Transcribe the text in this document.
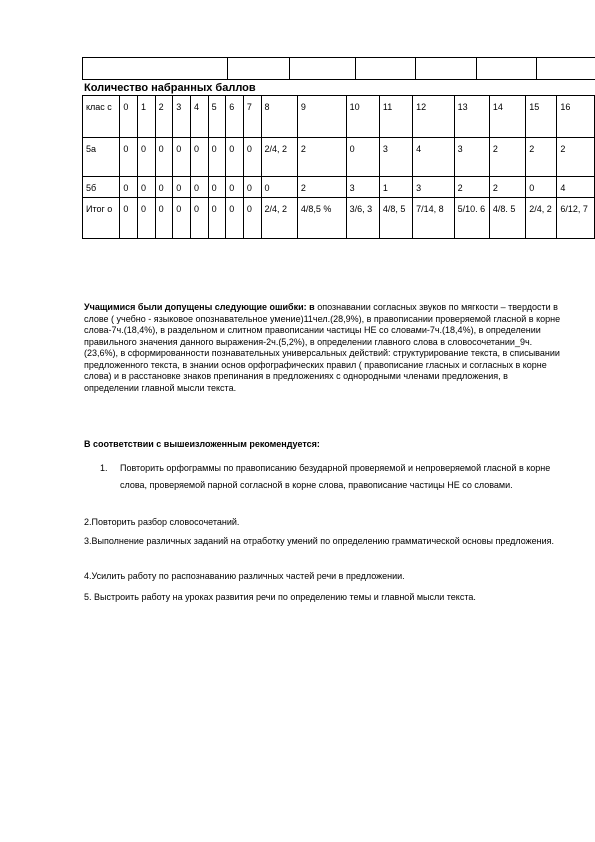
Количество набранных баллов
клас с	0	1	2	3	4	5	6	7	8	9	10	11	12	13	14	15	16
5а	0	0	0	0	0	0	0	0	2/4, 2	2	0	3	4	3	2	2	2
5б	0	0	0	0	0	0	0	0	0	2	3	1	3	2	2	0	4
Итог о	0	0	0	0	0	0	0	0	2/4, 2	4/8,5 %	3/6, 3	4/8, 5	7/14, 8	5/10. 6	4/8. 5	2/4, 2	6/12, 7
Учащимися были допущены следующие ошибки: в опознавании согласных звуков по мягкости – твердости в слове ( учебно - языковое опознавательное умение)11чел.(28,9%), в правописании проверяемой гласной в корне слова-7ч.(18,4%), в раздельном и слитном правописании частицы НЕ со словами-7ч.(18,4%), в определении правильного значения данного выражения-2ч.(5,2%), в определении главного слова в словосочетании_9ч.(23,6%), в сформированности познавательных универсальных действий: структурирование текста, в списывании предложенного текста, в знании основ орфографических правил ( правописание гласных и согласных в корне слова) и в расстановке знаков препинания в предложениях с однородными членами предложения, в определении главной мысли текста.
В соответствии с вышеизложенным рекомендуется:
1. Повторить орфограммы по правописанию безударной проверяемой и непроверяемой гласной в корне слова, проверяемой парной согласной в корне слова, правописание частицы НЕ со словами.
2.Повторить разбор словосочетаний.
3.Выполнение различных заданий на отработку умений по определению грамматической основы предложения.
4.Усилить работу по распознаванию различных частей речи в предложении.
5. Выстроить работу на уроках развития речи по определению темы и главной мысли текста.
